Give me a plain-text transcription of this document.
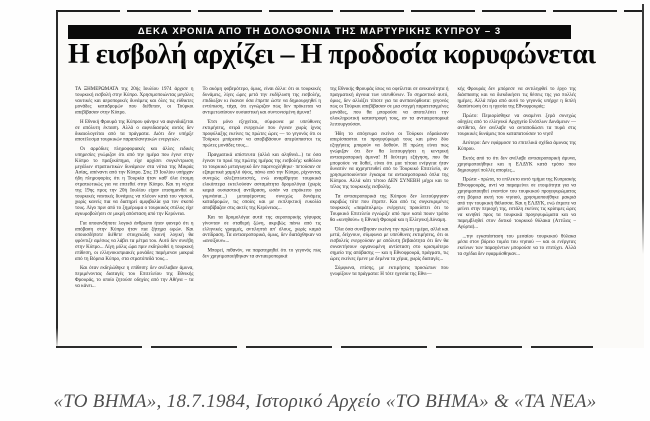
ΔΕΚΑ ΧΡΟΝΙΑ ΑΠΟ ΤΗ ΔΟΛΟΦΟΝΙΑ ΤΗΣ ΜΑΡΤΥΡΙΚΗΣ ΚΥΠΡΟΥ – 3
Η εισβολή αρχίζει – Η προδοσία κορυφώνεται

ΤΑ ΞΗΜΕΡΩΜΑΤΑ της 20ής Ιουλίου 1974 άρχισε η τουρκική εισβολή στην Κύπρο. Χρησιμοποιώντας μεγάλες ναυτικές και αεροπορικές δυνάμεις και όλες τις εύθικτες μονάδες καταδρομών που διέθεταν, οι Τούρκοι απεβίβασαν στην Κύπρο.

Η Εθνική Φρουρά της Κύπρου φάνηκε να αιφνιδιάζεται σε απόλυτη έκταση. Αλλά ο αιφνιδιασμός αυτός δεν δικαιολογείται από τα πράγματα. Διότι δεν υπήρξε αποτέλεσμα τουρκικών παραπλανητικών ενεργειών.

Οι αρμόδιες πληροφοριακές και άλλες ειδικές υπηρεσίες γνώριζαν ότι από την ημέρα που έγινε στην Κύπρο το πραξικόπημα, είχε αρχίσει συγκέντρωση μεγάλων στρατιωτικών δυνάμεων στα νότια της Μικράς Ασίας, απέναντι από την Κύπρο. Στις 19 Ιουλίου υπήρχαν ήδη πληροφορίες ότι η Τουρκία ήταν καθ' όλα έτοιμη στρατιωτικώς για να επιτεθεί στην Κύπρο. Και τη νύχτα της 19ης προς την 20ή Ιουλίου είχαν επισημανθεί οι τουρκικές ναυτικές δυνάμεις να πλέουν κατά του νησιού, χωρίς κανείς πια να διατηρεί αμφιβολία για τον σκοπό τους. Λίγο πριν από το ξημέρωμα ο τουρκικός στόλος είχε αγκυροβολήσει σε μικρή απόσταση από την Κερύνεια.

Για οποιονδήποτε λογικό άνθρωπο ήταν φανερό ότι η απόβαση στην Κύπρο ήταν πια ζήτημα ωρών. Και οποιοσδήποτε διέθετε στοιχειώδη κοινή λογική θα φρόντιζε αμέσως να λάβει τα μέτρα του. Αυτό δεν συνέβη στην Κύπρο... Λίγη μόλις ώρα πριν εκδηλωθεί η τουρκική επίθεση, οι ελληνοκυπριακές μονάδες παρέμεναν μακριά από τη Βόρεια Κύπρο, στα στρατόπεδά τους...

Και όταν εκδηλώθηκε η επίθεση: δεν ανέλαβαν άμυνα, περιμένοντας διαταγές του Επιτελείου της Εθνικής Φρουράς, το οποίο ζητούσε οδηγίες από την Αθήνα – τα να κάνει...

Το ακόμη φοβερότερο, όμως, είναι άλλο: ότι οι τουρκικές δυνάμεις, λίγες ώρες μετά την εκδήλωση της εισβολής, επιδίωξαν κι έκαναν όσα έπρεπε ώστε να δημιουργηθεί η εντύπωση, τάχα, ότι εγνώριζαν πως δεν πρόκειται να αντιμετωπίσουν ουσιαστική και συντονισμένη άμυνα!

Έτσι μόνο εξηγείται, σύμφωνα με υπεύθυνες εκτιμήσεις, σειρά ενεργειών που έγιναν χωρίς ίχνος προφύλαξης εκείνες τις πρώτες ώρες — το γεγονός ότι οι Τούρκοι μπόρεσαν να αποβιβάσουν απερίσπαστοι τις πρώτες μονάδες τους...

Πραγματικά απίστευτα (αλλά και αληθινά...) τα όσα έγιναν το πρωί της πρώτης ημέρας της εισβολής: καθόλου το τουρκικό μεταγωγικό δεν παρενοχλήθηκε· πετούσαν σε εξαιρετικά χαμηλό ύψος, πάνω από την Κύπρο, ρίχνοντας συνεχώς αλεξιπτωτιστές, ενώ αναρίθμητα τουρκικά ελικόπτερα εκτελούσαν ασταμάτητα δρομολόγια (χωρίς καμιά ουσιαστική αντίδραση, ωσάν να επρόκειτο για γυμνάσια...) μεταφέροντας συνεχώς δυνάμεις καταδρομών, τις οποίες και με εκπληκτική ευκολία αποβίβαζαν στις ακτές της Κερύνειας...

Και τα δρομολόγια αυτά της αεροπορικής γέφυρας γίνονταν σε σταθερή ζώνη, ακριβώς πάνω από τις ελληνικές γραμμές, αντιληπτά απ' όλους, χωρίς καμιά αντίδραση. Τα αντιαεροπορικά, όμως, δεν διατάχθηκαν να «ανοίξουν»...

Μπορεί, πιθανόν, να παρατηρηθεί ότι το γεγονός πως δεν χρησιμοποιήθηκαν τα αντιαεροπορικά

της Εθνικής Φρουράς ίσως να οφείλεται σε ανικανότητα ή πραγματική άγνοια των υπευθύνων. Το σημαντικό αυτό, όμως, δεν αλλάζει τίποτε για τα ανεπανόρθωτα: γεγονός πως οι Τούρκοι απεβίβασαν σε μια στιγμή παρατεταγμένες μονάδες, που θα μπορούσε να αποτελέσει την ολοκληρωτική καταστροφή τους, αν τα αντιαεροπορικά λειτουργούσαν.

Ήδη το απόγευμα εκείνο οι Τούρκοι εδραίωναν απερίσπαστοι το προγεφύρωμά τους και μόνο δύο εξηγήσεις μπορούν να δοθούν. Η πρώτη είναι πως γνώριζαν ότι δεν θα λειτουργήσει η κεντρική αντιαεροπορική άμυνα! Η δεύτερη εξήγηση, που θα μπορούσε να δοθεί, είναι ότι μια τέτοια ενέργεια ήταν δυνατόν να αχρηστευθεί από το Τουρκικό Επιτελείο, αν χρησιμοποιούνταν έγκαιρα τα αντιαεροπορικά όπλα της Κύπρου. Αλλά κάτι τέτοιο ΔΕΝ ΣΥΝΕΒΗ μέχρι και το τέλος της τουρκικής εισβολής.

Τα αντιαεροπορικά της Κύπρου δεν λειτούργησαν ακριβώς τότε που έπρεπε. Και από τις συγκεκριμένες τουρκικές «παράτολμες» ενέργειες προκύπτει ότι το Τουρκικό Επιτελείο εγνώριζε από πριν κατά ποιον τρόπο θα «κινηθούν» η Εθνική Φρουρά και η Ελληνική Δύναμη.

Όλα όσα συνέβησαν εκείνη την πρώτη ημέρα, αλλά και μετά, δείχνουν, σύμφωνα με υπεύθυνες εκτιμήσεις, ότι οι εισβολείς ενεργούσαν με απόλυτη βεβαιότητα ότι δεν θα συναντήσουν οργανωμένη αντίσταση στο κρισιμότερο σημείο της απόβασης — και η Εθνοφρουρά, πράγματι, τις ώρες εκείνες έμενε με δεμένα τα χέρια, χωρίς διαταγές...

Σύμφωνα, επίσης, με εκτιμήσεις προσώπων που γνωρίζουν τα πράγματα: Η τότε ηγεσία της Εθνι—

κής Φρουράς δεν μπόρεσε να αντιληφθεί το έργο της διάσπασης και να διεκδικήσει τις θέσεις της για πολλές ημέρες. Αλλά πέρα από αυτό το γεγονός υπήρχε η διπλή διαπίστωση ότι η ηγεσία της Εθνοφρουράς:

Πρώτο: Περιορίσθηκε να αναμένει ξερά συνεχώς οδηγίες από το ελληνικό Αρχηγείο Ενόπλων Δυνάμεων — αντίθετα, δεν ανέλαβε να ανταποδώσει τα πυρά στις τουρκικές δυνάμεις που καταπατούσαν το νησί!

Δεύτερο: Δεν εφάρμοσε τα επιτελικά σχέδια άμυνας της Κύπρου.

Εκτός από το ότι δεν ανέλαβε αντιαεροπορική άμυνα, χρησιμοποιήθηκε και η ΕΛΔΥΚ κατά τρόπο που δημιουργεί πολλές απορίες...

Πρώτα - πρώτα, το επίλεκτο αυτό τμήμα της Κυπριακής Εθνοφρουράς, αντί να παραμείνει σε ετοιμότητα για να χρησιμοποιηθεί εναντίον του τουρκικού προγεφυρώματος στη βόρεια ακτή του νησιού, χρησιμοποιήθηκε μακριά από την τουρκική θάλασσα. Και η ΕΛΔΥΚ, ενώ έπρεπε να μείνει στην περιοχή της, εστάλη εκείνες τις κρίσιμες ώρες να κινηθεί προς τα τουρκικά προγεφυρώματα και να παρεμβληθεί στον δυτικό τουρκικό θύλακα (Αττίλας – Αγύρτα)...

...την εγκατάσταση του μεσαίου τουρκικού θύλακα μέσα στον βόρειο τομέα του νησιού — και οι ενέργειες εκείνων των παραγόντων μπορούσε να το επιτύχει. Αλλά τα σχέδια δεν εφαρμόσθηκαν...

«ΤΟ ΒΗΜΑ», 18.7.1984, Ιστορικό Αρχείο «ΤΟ ΒΗΜΑ» & «ΤΑ ΝΕΑ»
